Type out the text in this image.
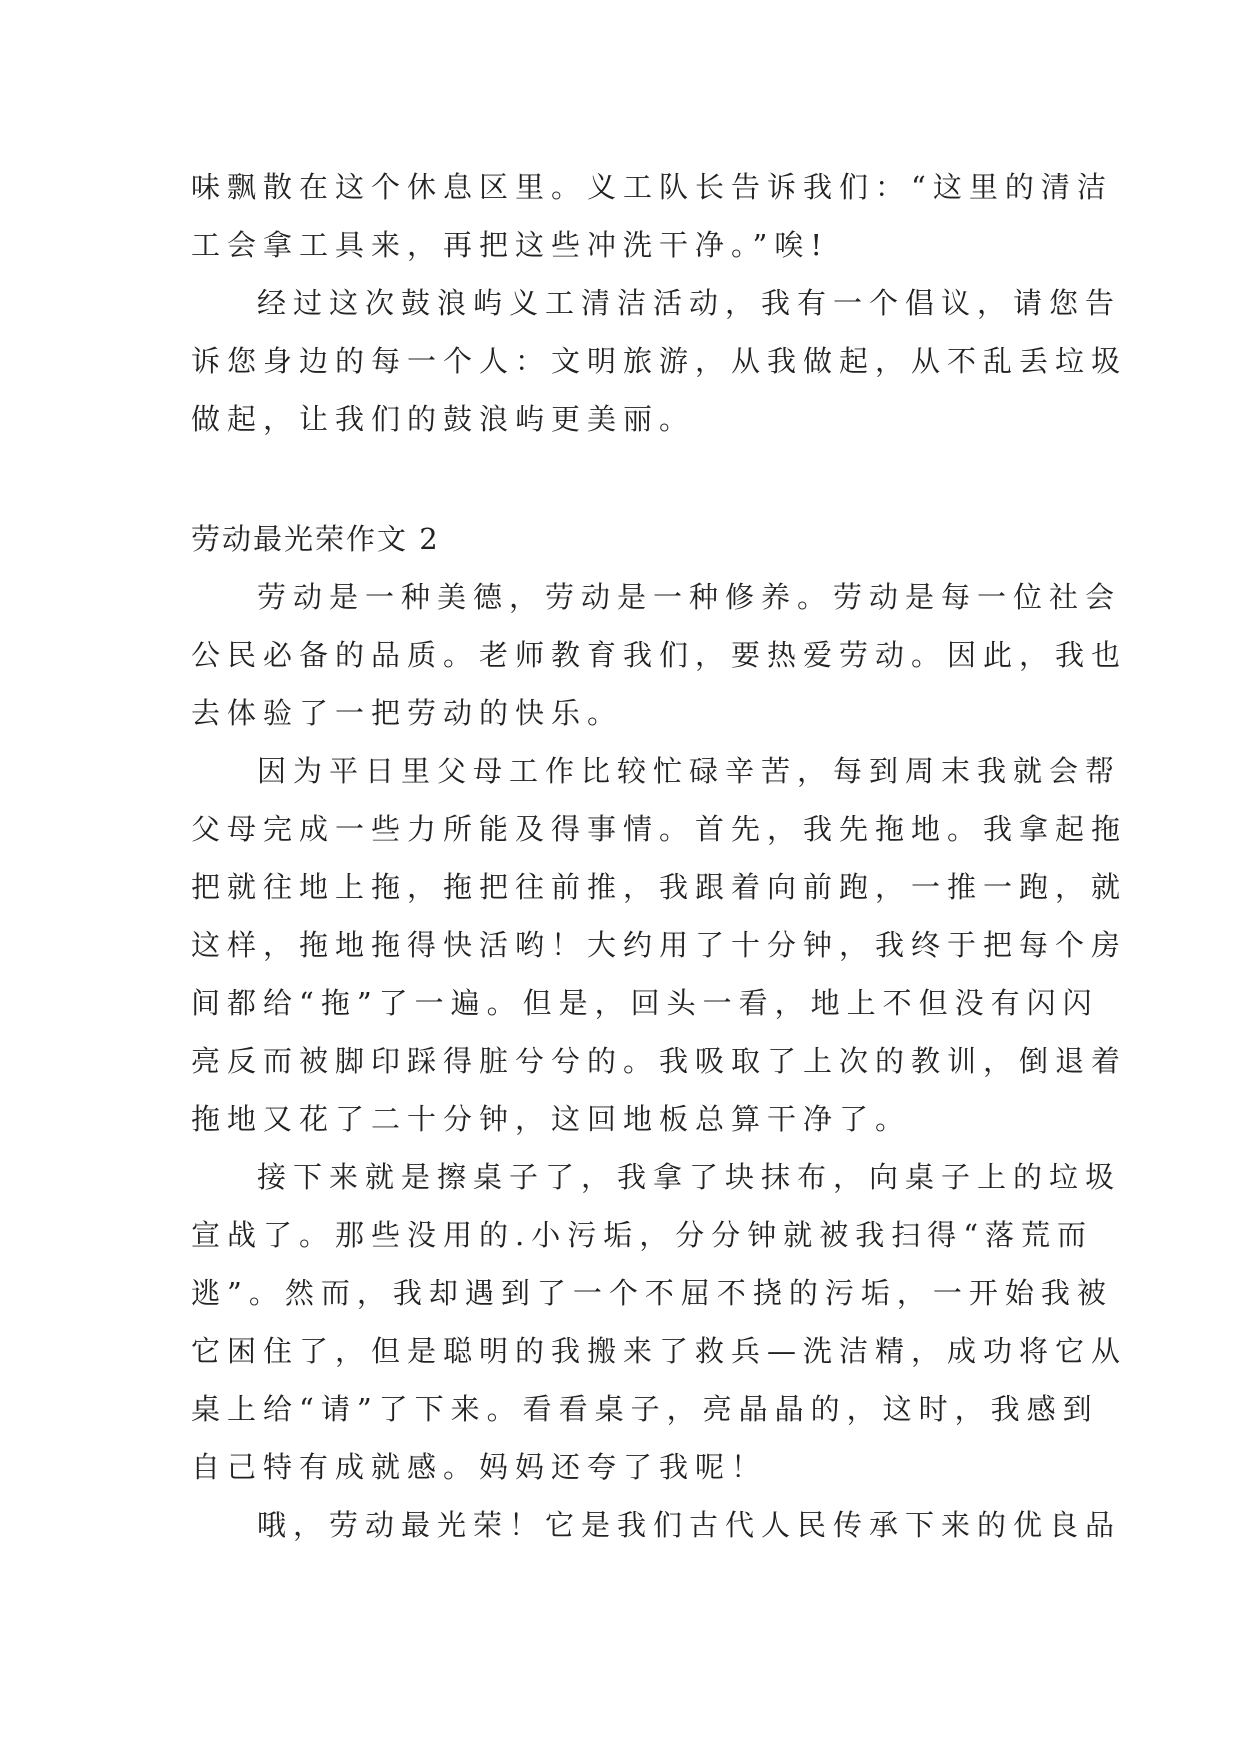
味飘散在这个休息区里。义工队长告诉我们：“这里的清洁
工会拿工具来，再把这些冲洗干净。”唉!
经过这次鼓浪屿义工清洁活动，我有一个倡议，请您告
诉您身边的每一个人：文明旅游，从我做起，从不乱丢垃圾
做起，让我们的鼓浪屿更美丽。
劳动最光荣作文 2
劳动是一种美德，劳动是一种修养。劳动是每一位社会
公民必备的品质。老师教育我们，要热爱劳动。因此，我也
去体验了一把劳动的快乐。
因为平日里父母工作比较忙碌辛苦，每到周末我就会帮
父母完成一些力所能及得事情。首先，我先拖地。我拿起拖
把就往地上拖，拖把往前推，我跟着向前跑，一推一跑，就
这样，拖地拖得快活哟！大约用了十分钟，我终于把每个房
间都给“拖”了一遍。但是，回头一看，地上不但没有闪闪
亮反而被脚印踩得脏兮兮的。我吸取了上次的教训，倒退着
拖地又花了二十分钟，这回地板总算干净了。
接下来就是擦桌子了，我拿了块抹布，向桌子上的垃圾
宣战了。那些没用的.小污垢，分分钟就被我扫得“落荒而
逃”。然而，我却遇到了一个不屈不挠的污垢，一开始我被
它困住了，但是聪明的我搬来了救兵—洗洁精，成功将它从
桌上给“请”了下来。看看桌子，亮晶晶的，这时，我感到
自己特有成就感。妈妈还夸了我呢！
哦，劳动最光荣！它是我们古代人民传承下来的优良品
